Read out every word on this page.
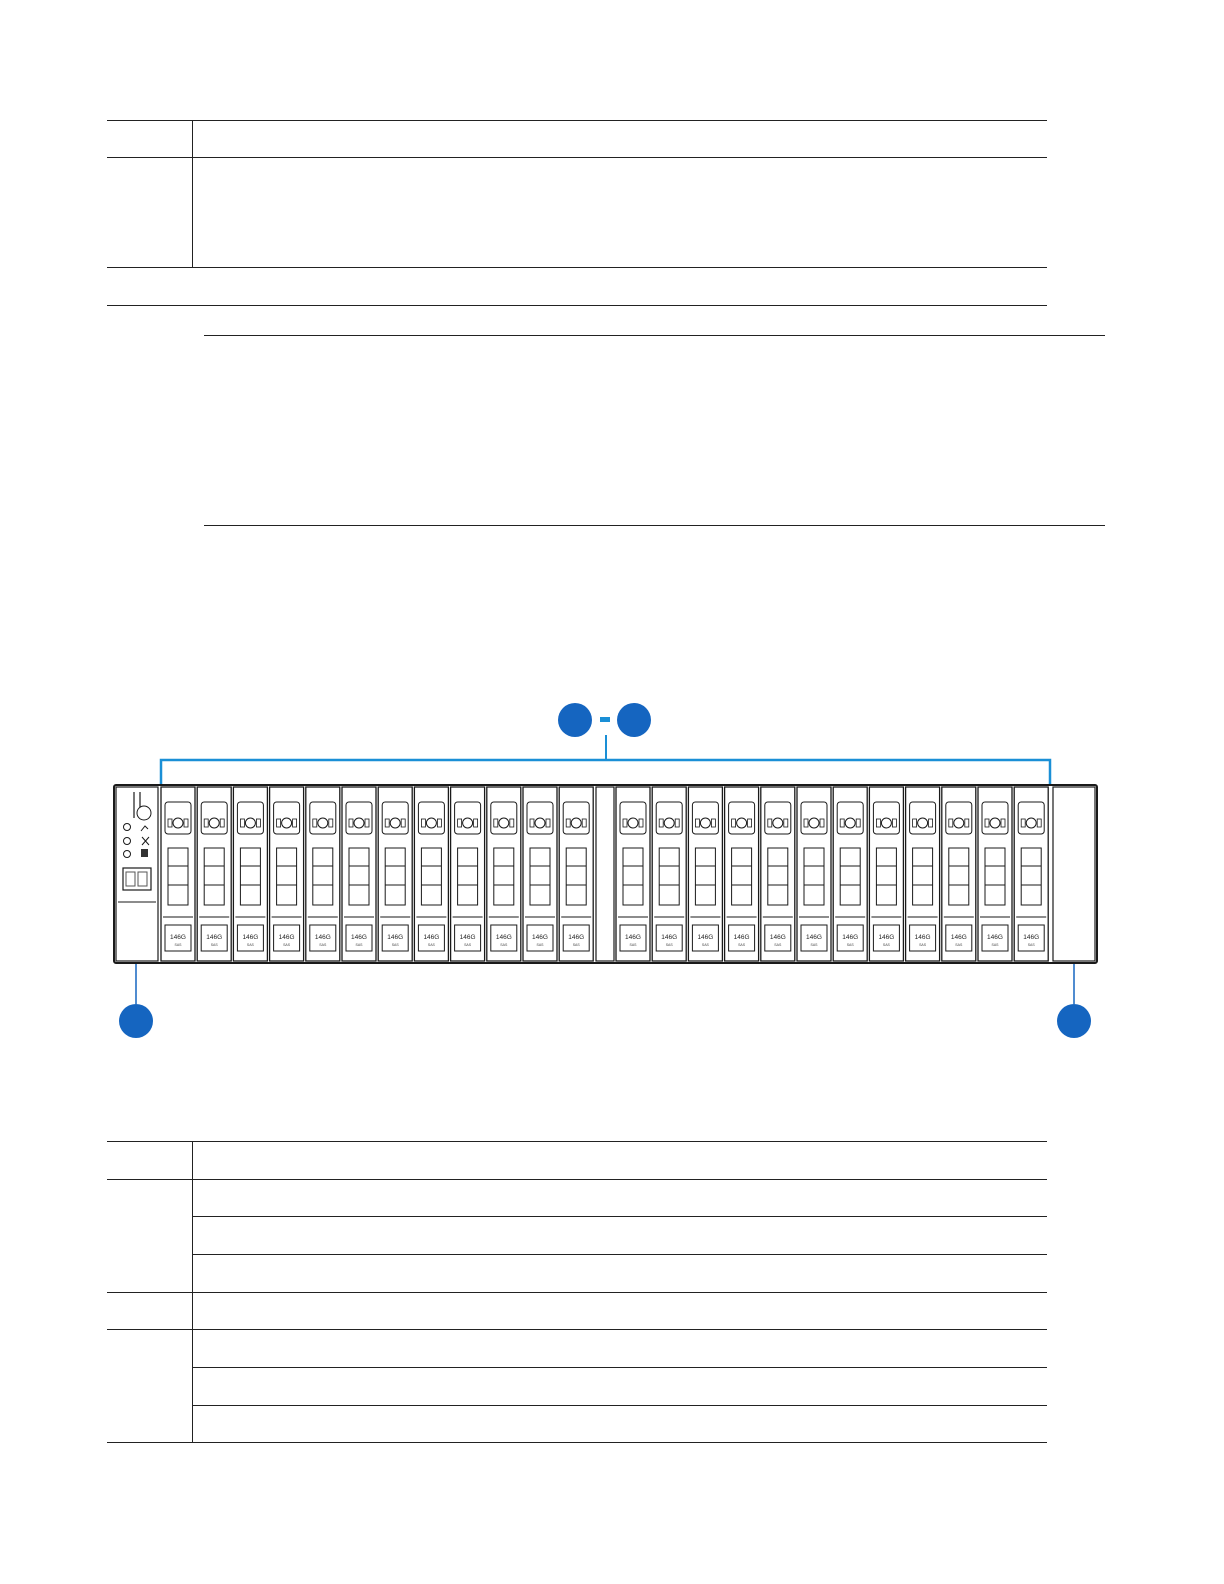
146G
SAS
146G
SAS
146G
SAS
146G
SAS
146G
SAS
146G
SAS
146G
SAS
146G
SAS
146G
SAS
146G
SAS
146G
SAS
146G
SAS
146G
SAS
146G
SAS
146G
SAS
146G
SAS
146G
SAS
146G
SAS
146G
SAS
146G
SAS
146G
SAS
146G
SAS
146G
SAS
146G
SAS
